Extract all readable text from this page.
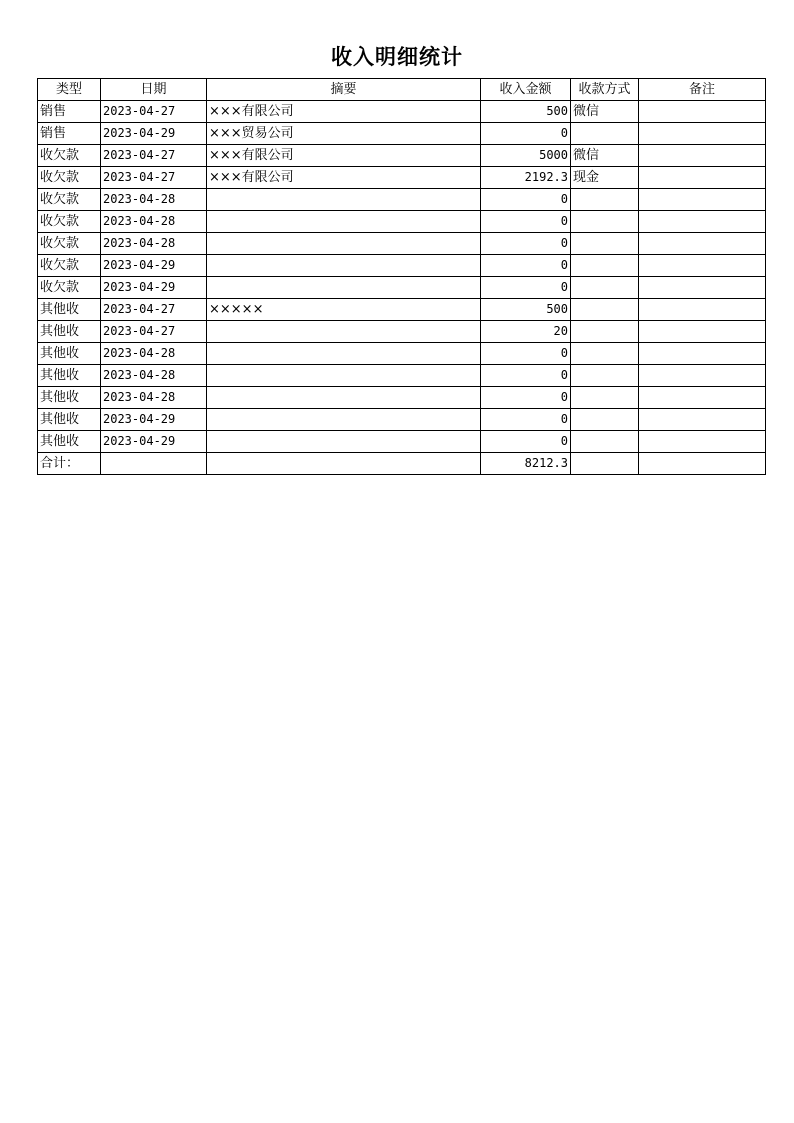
收入明细统计
类型	日期	摘要	收入金额	收款方式	备注
销售	2023-04-27	×××有限公司	500	微信	
销售	2023-04-29	×××贸易公司	0		
收欠款	2023-04-27	×××有限公司	5000	微信	
收欠款	2023-04-27	×××有限公司	2192.3	现金	
收欠款	2023-04-28		0		
收欠款	2023-04-28		0		
收欠款	2023-04-28		0		
收欠款	2023-04-29		0		
收欠款	2023-04-29		0		
其他收	2023-04-27	×××××	500		
其他收	2023-04-27		20		
其他收	2023-04-28		0		
其他收	2023-04-28		0		
其他收	2023-04-28		0		
其他收	2023-04-29		0		
其他收	2023-04-29		0		
合计：			8212.3		
